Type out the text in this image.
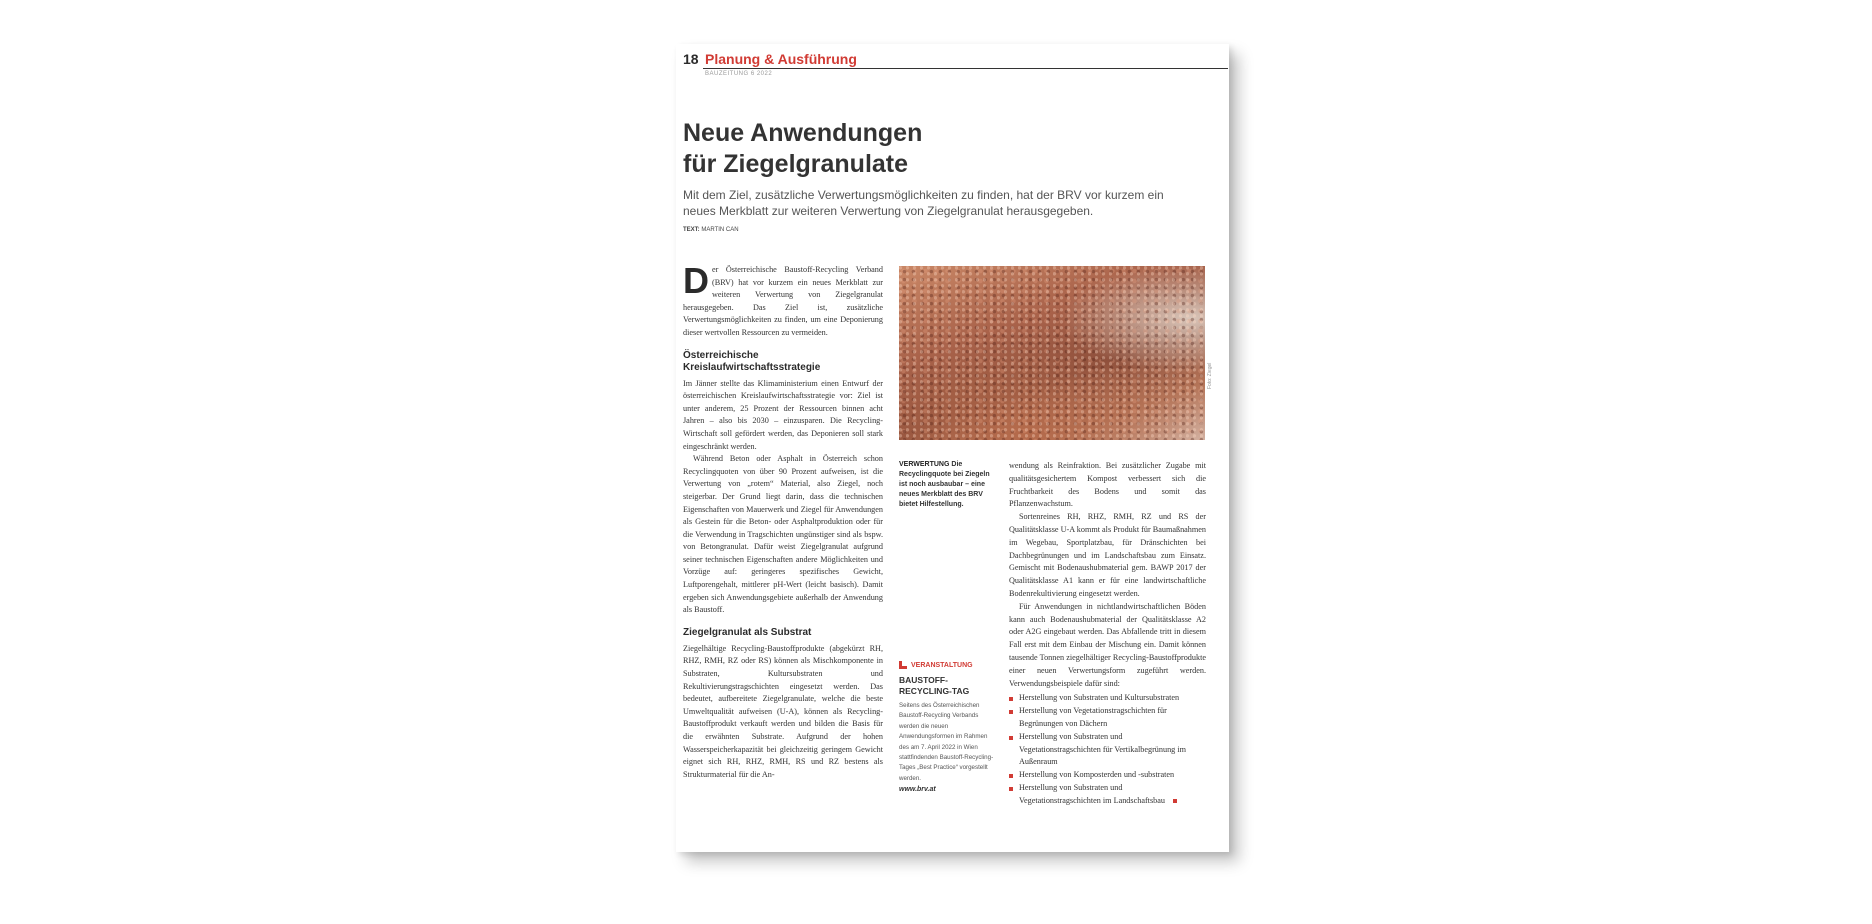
18 Planung & Ausführung
BAUZEITUNG 6 2022
Neue Anwendungen
für Ziegelgranulate

Mit dem Ziel, zusätzliche Verwertungsmöglichkeiten zu finden, hat der BRV vor kurzem ein neues Merkblatt zur weiteren Verwertung von Ziegelgranulat herausgegeben.

TEXT: MARTIN CAN

Der Österreichische Baustoff-Recycling Verband (BRV) hat vor kurzem ein neues Merkblatt zur weiteren Verwertung von Ziegelgranulat herausgegeben. Das Ziel ist, zusätzliche Verwertungsmöglichkeiten zu finden, um eine Deponierung dieser wertvollen Ressourcen zu vermeiden.

Österreichische Kreislaufwirtschaftsstrategie

Im Jänner stellte das Klimaministerium einen Entwurf der österreichischen Kreislaufwirtschaftsstrategie vor: Ziel ist unter anderem, 25 Prozent der Ressourcen binnen acht Jahren – also bis 2030 – einzusparen. Die Recycling-Wirtschaft soll gefördert werden, das Deponieren soll stark eingeschränkt werden.

Während Beton oder Asphalt in Österreich schon Recyclingquoten von über 90 Prozent aufweisen, ist die Verwertung von „rotem“ Material, also Ziegel, noch steigerbar. Der Grund liegt darin, dass die technischen Eigenschaften von Mauerwerk und Ziegel für Anwendungen als Gestein für die Beton- oder Asphaltproduktion oder für die Verwendung in Tragschichten ungünstiger sind als bspw. von Betongranulat. Dafür weist Ziegelgranulat aufgrund seiner technischen Eigenschaften andere Möglichkeiten und Vorzüge auf: geringeres spezifisches Gewicht, Luftporengehalt, mittlerer pH-Wert (leicht basisch). Damit ergeben sich Anwendungsgebiete außerhalb der Anwendung als Baustoff.

Ziegelgranulat als Substrat

Ziegelhältige Recycling-Baustoffprodukte (abgekürzt RH, RHZ, RMH, RZ oder RS) können als Mischkomponente in Substraten, Kultursubstraten und Rekultivierungstragschichten eingesetzt werden. Das bedeutet, aufbereitete Ziegelgranulate, welche die beste Umweltqualität aufweisen (U-A), können als Recycling-Baustoffprodukt verkauft werden und bilden die Basis für die erwähnten Substrate. Aufgrund der hohen Wasserspeicherkapazität bei gleichzeitig geringem Gewicht eignet sich RH, RHZ, RMH, RS und RZ bestens als Strukturmaterial für die An-

Foto: Ziegel
VERWERTUNG Die Recyclingquote bei Ziegeln ist noch ausbaubar – eine neues Merkblatt des BRV bietet Hilfestellung.
VERANSTALTUNG
BAUSTOFF-RECYCLING-TAG
Seitens des Österreichischen Baustoff-Recycling Verbands werden die neuen Anwendungsformen im Rahmen des am 7. April 2022 in Wien stattfindenden Baustoff-Recycling-Tages „Best Practice“ vorgestellt werden.
www.brv.at

wendung als Reinfraktion. Bei zusätzlicher Zugabe mit qualitätsgesichertem Kompost verbessert sich die Fruchtbarkeit des Bodens und somit das Pflanzenwachstum.

Sortenreines RH, RHZ, RMH, RZ und RS der Qualitätsklasse U-A kommt als Produkt für Baumaßnahmen im Wegebau, Sportplatzbau, für Dränschichten bei Dachbegrünungen und im Landschaftsbau zum Einsatz. Gemischt mit Bodenaushubmaterial gem. BAWP 2017 der Qualitätsklasse A1 kann er für eine landwirtschaftliche Bodenrekultivierung eingesetzt werden.

Für Anwendungen in nichtlandwirtschaftlichen Böden kann auch Bodenaushubmaterial der Qualitätsklasse A2 oder A2G eingebaut werden. Das Abfallende tritt in diesem Fall erst mit dem Einbau der Mischung ein. Damit können tausende Tonnen ziegelhältiger Recycling-Baustoffprodukte einer neuen Verwertungsform zugeführt werden. Verwendungsbeispiele dafür sind:

Herstellung von Substraten und Kultursubstraten
Herstellung von Vegetationstragschichten für Begrünungen von Dächern
Herstellung von Substraten und Vegetationstragschichten für Vertikalbegrünung im Außenraum
Herstellung von Komposterden und -substraten
Herstellung von Substraten und Vegetationstragschichten im Landschaftsbau
